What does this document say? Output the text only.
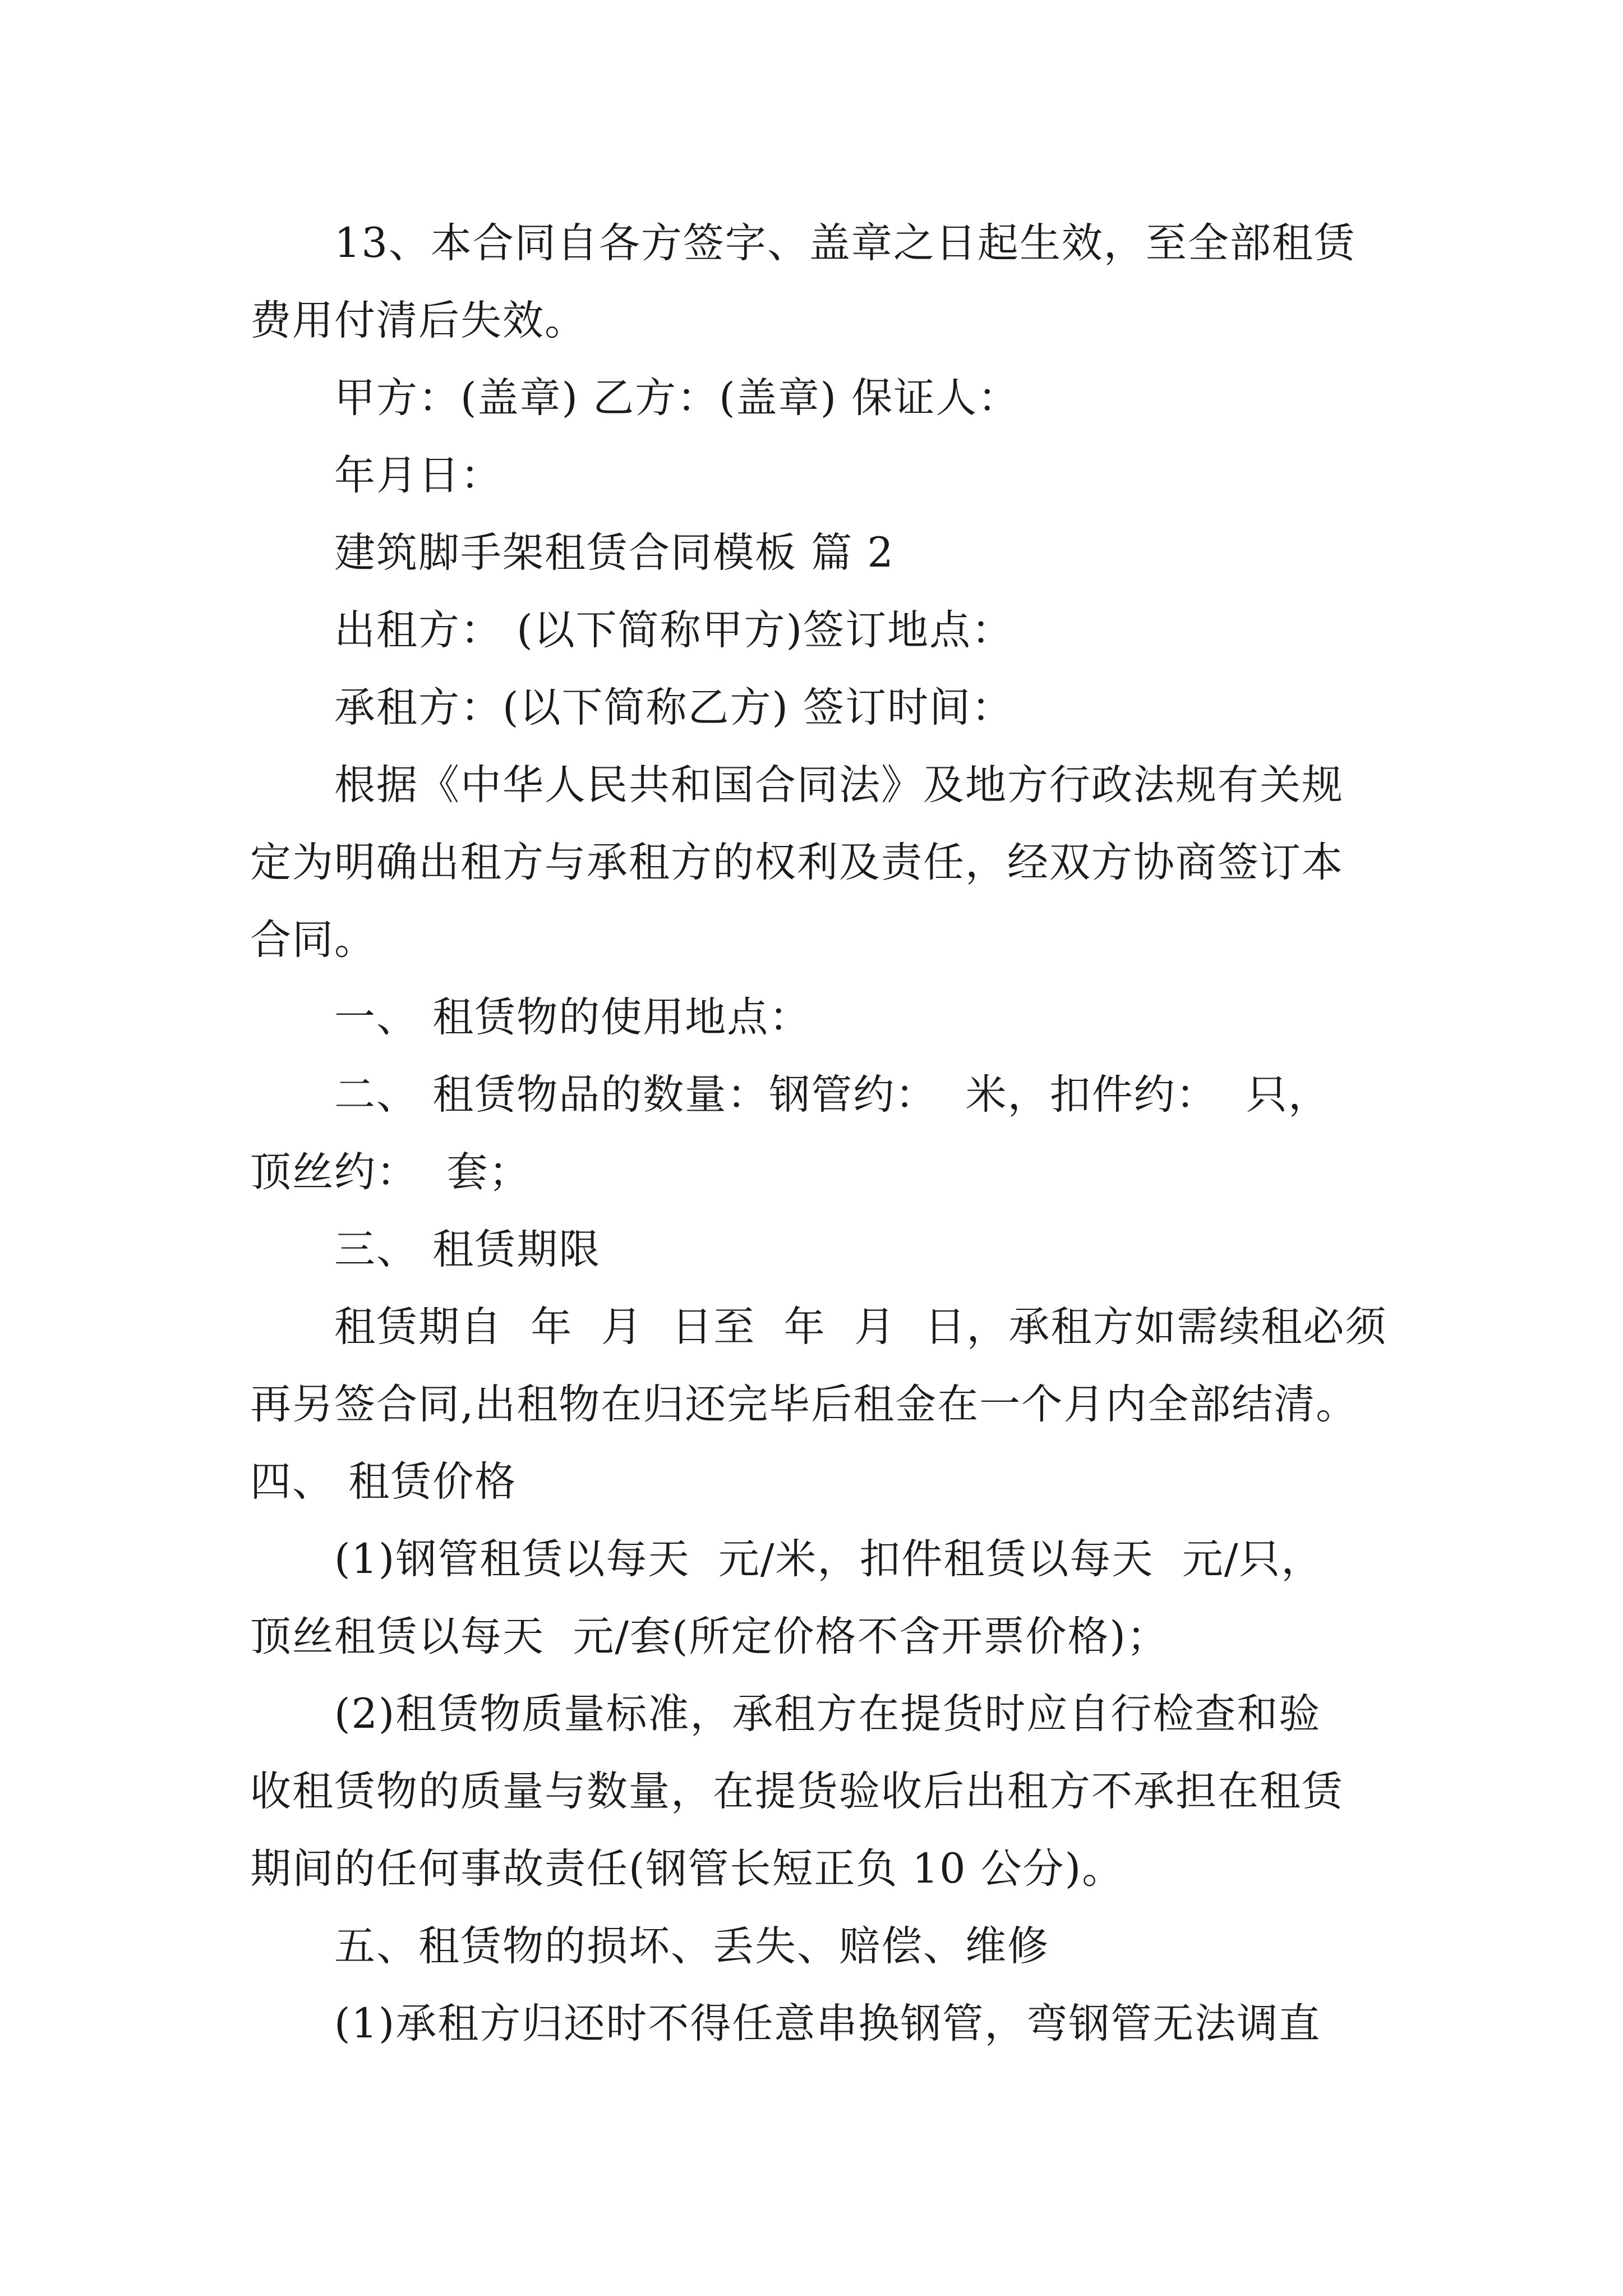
13、本合同自各方签字、盖章之日起生效，至全部租赁
费用付清后失效。
甲方：(盖章) 乙方：(盖章) 保证人：
年月日：
建筑脚手架租赁合同模板 篇 2
出租方： (以下简称甲方)签订地点：
承租方：(以下简称乙方) 签订时间：
根据《中华人民共和国合同法》及地方行政法规有关规
定为明确出租方与承租方的权利及责任，经双方协商签订本
合同。
一、 租赁物的使用地点：
二、 租赁物品的数量：钢管约：  米，扣件约：  只，
顶丝约：  套；
三、 租赁期限
租赁期自  年  月  日至  年  月  日，承租方如需续租必须
再另签合同,出租物在归还完毕后租金在一个月内全部结清。
四、 租赁价格
(1)钢管租赁以每天  元/米，扣件租赁以每天  元/只，
顶丝租赁以每天  元/套(所定价格不含开票价格)；
(2)租赁物质量标准，承租方在提货时应自行检查和验
收租赁物的质量与数量，在提货验收后出租方不承担在租赁
期间的任何事故责任(钢管长短正负 10 公分)。
五、租赁物的损坏、丢失、赔偿、维修
(1)承租方归还时不得任意串换钢管，弯钢管无法调直
